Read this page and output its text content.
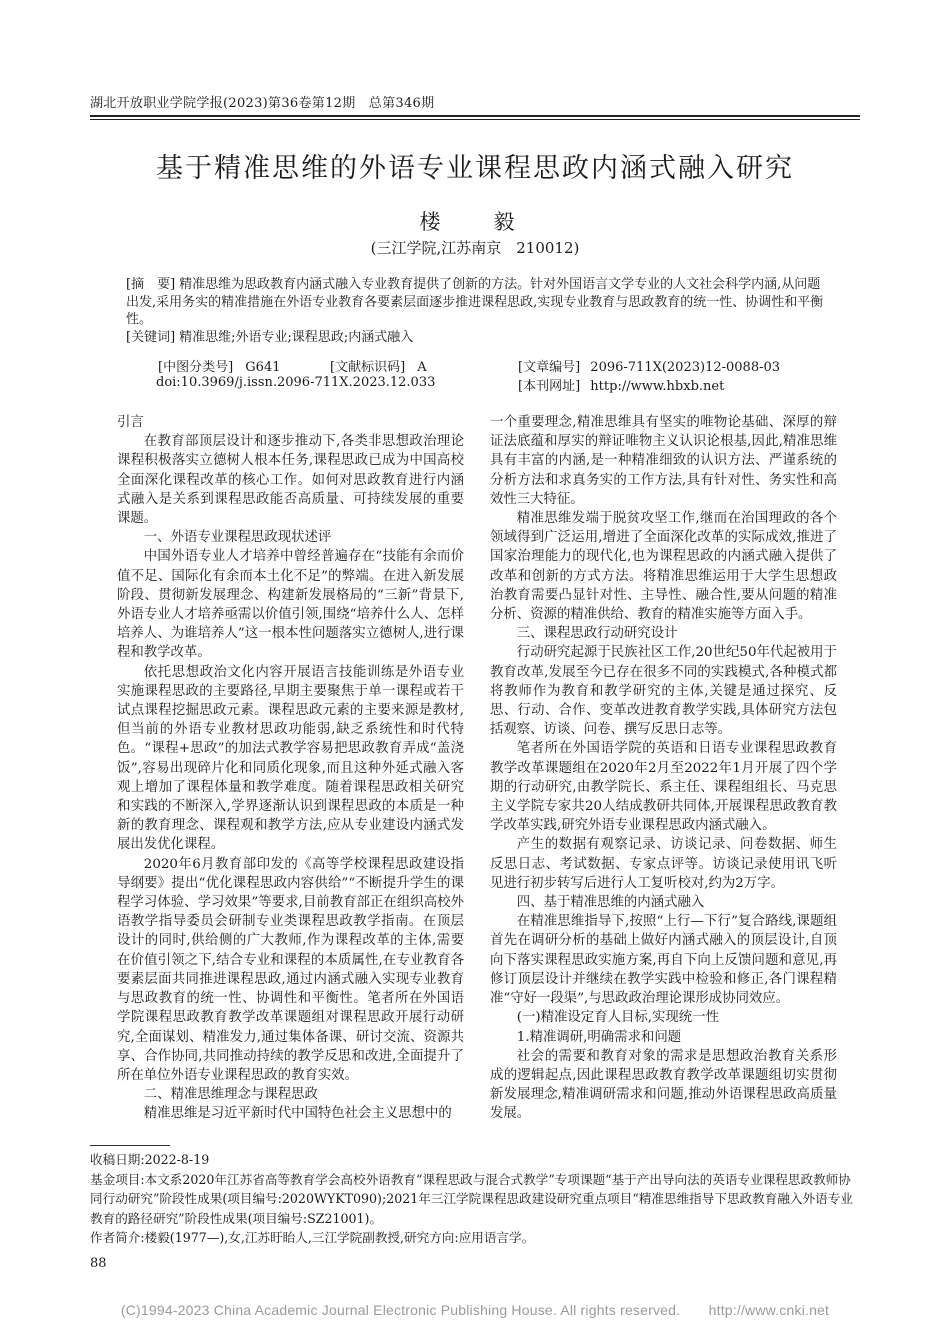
湖北开放职业学院学报(2023)第36卷第12期　总第346期
基于精准思维的外语专业课程思政内涵式融入研究
楼　毅
(三江学院,江苏南京　210012)
[摘　要] 精准思维为思政教育内涵式融入专业教育提供了创新的方法。针对外国语言文学专业的人文社会科学内涵,从问题出发,采用务实的精准措施在外语专业教育各要素层面逐步推进课程思政,实现专业教育与思政教育的统一性、协调性和平衡性。
[关键词] 精准思维;外语专业;课程思政;内涵式融入
[中图分类号] G641	[文献标识码] A	[文章编号] 2096-711X(2023)12-0088-03
doi:10.3969/j.issn.2096-711X.2023.12.033	[本刊网址] http://www.hbxb.net

引言

在教育部顶层设计和逐步推动下,各类非思想政治理论课程积极落实立德树人根本任务,课程思政已成为中国高校全面深化课程改革的核心工作。如何对思政教育进行内涵式融入是关系到课程思政能否高质量、可持续发展的重要课题。

一、外语专业课程思政现状述评

中国外语专业人才培养中曾经普遍存在“技能有余而价值不足、国际化有余而本土化不足”的弊端。在进入新发展阶段、贯彻新发展理念、构建新发展格局的“三新”背景下,外语专业人才培养亟需以价值引领,围绕“培养什么人、怎样培养人、为谁培养人”这一根本性问题落实立德树人,进行课程和教学改革。

依托思想政治文化内容开展语言技能训练是外语专业实施课程思政的主要路径,早期主要聚焦于单一课程或若干试点课程挖掘思政元素。课程思政元素的主要来源是教材,但当前的外语专业教材思政功能弱,缺乏系统性和时代特色。“课程+思政”的加法式教学容易把思政教育弄成“盖浇饭”,容易出现碎片化和同质化现象,而且这种外延式融入客观上增加了课程体量和教学难度。随着课程思政相关研究和实践的不断深入,学界逐渐认识到课程思政的本质是一种新的教育理念、课程观和教学方法,应从专业建设内涵式发展出发优化课程。

2020年6月教育部印发的《高等学校课程思政建设指导纲要》提出“优化课程思政内容供给”“不断提升学生的课程学习体验、学习效果”等要求,目前教育部正在组织高校外语教学指导委员会研制专业类课程思政教学指南。在顶层设计的同时,供给侧的广大教师,作为课程改革的主体,需要在价值引领之下,结合专业和课程的本质属性,在专业教育各要素层面共同推进课程思政,通过内涵式融入实现专业教育与思政教育的统一性、协调性和平衡性。笔者所在外国语学院课程思政教育教学改革课题组对课程思政开展行动研究,全面谋划、精准发力,通过集体备课、研讨交流、资源共享、合作协同,共同推动持续的教学反思和改进,全面提升了所在单位外语专业课程思政的教育实效。

二、精准思维理念与课程思政

精准思维是习近平新时代中国特色社会主义思想中的

一个重要理念,精准思维具有坚实的唯物论基础、深厚的辩证法底蕴和厚实的辩证唯物主义认识论根基,因此,精准思维具有丰富的内涵,是一种精准细致的认识方法、严谨系统的分析方法和求真务实的工作方法,具有针对性、务实性和高效性三大特征。

精准思维发端于脱贫攻坚工作,继而在治国理政的各个领域得到广泛运用,增进了全面深化改革的实际成效,推进了国家治理能力的现代化,也为课程思政的内涵式融入提供了改革和创新的方式方法。将精准思维运用于大学生思想政治教育需要凸显针对性、主导性、融合性,要从问题的精准分析、资源的精准供给、教育的精准实施等方面入手。

三、课程思政行动研究设计

行动研究起源于民族社区工作,20世纪50年代起被用于教育改革,发展至今已存在很多不同的实践模式,各种模式都将教师作为教育和教学研究的主体,关键是通过探究、反思、行动、合作、变革改进教育教学实践,具体研究方法包括观察、访谈、问卷、撰写反思日志等。

笔者所在外国语学院的英语和日语专业课程思政教育教学改革课题组在2020年2月至2022年1月开展了四个学期的行动研究,由教学院长、系主任、课程组组长、马克思主义学院专家共20人结成教研共同体,开展课程思政教育教学改革实践,研究外语专业课程思政内涵式融入。

产生的数据有观察记录、访谈记录、问卷数据、师生反思日志、考试数据、专家点评等。访谈记录使用讯飞听见进行初步转写后进行人工复听校对,约为2万字。

四、基于精准思维的内涵式融入

在精准思维指导下,按照“上行—下行”复合路线,课题组首先在调研分析的基础上做好内涵式融入的顶层设计,自顶向下落实课程思政实施方案,再自下向上反馈问题和意见,再修订顶层设计并继续在教学实践中检验和修正,各门课程精准“守好一段渠”,与思政政治理论课形成协同效应。

(一)精准设定育人目标,实现统一性

1.精准调研,明确需求和问题

社会的需要和教育对象的需求是思想政治教育关系形成的逻辑起点,因此课程思政教育教学改革课题组切实贯彻新发展理念,精准调研需求和问题,推动外语课程思政高质量发展。

收稿日期:2022-8-19

基金项目:本文系2020年江苏省高等教育学会高校外语教育“课程思政与混合式教学”专项课题“基于产出导向法的英语专业课程思政教师协同行动研究”阶段性成果(项目编号:2020WYKT090);2021年三江学院课程思政建设研究重点项目“精准思维指导下思政教育融入外语专业教育的路径研究”阶段性成果(项目编号:SZ21001)。

作者简介:楼毅(1977—),女,江苏盱眙人,三江学院副教授,研究方向:应用语言学。

88
(C)1994-2023 China Academic Journal Electronic Publishing House. All rights reserved.　　http://www.cnki.net
